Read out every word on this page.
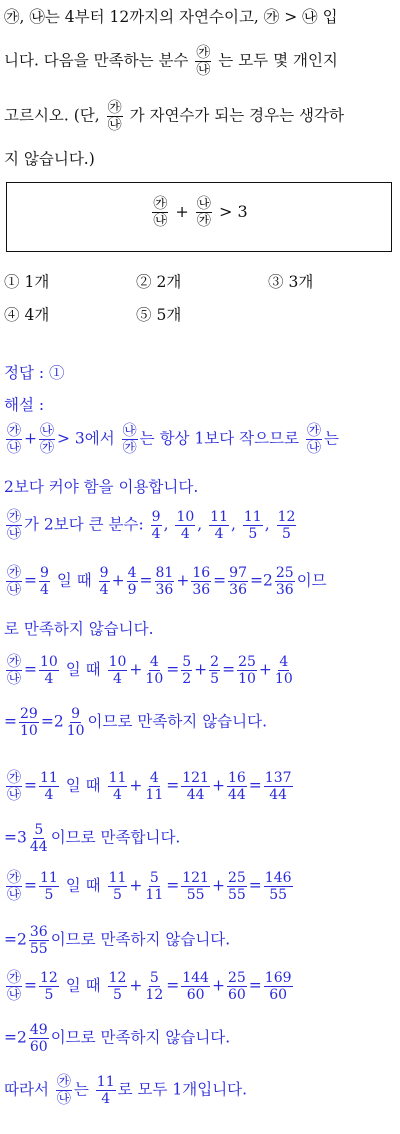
㉮, ㉯는 4부터 12까지의 자연수이고, ㉮ > ㉯ 입
니다. 다음을 만족하는 분수 $\frac{㉮}{㉯}$ 는 모두 몇 개인지
고르시오. (단, $\frac{㉮}{㉯}$ 가 자연수가 되는 경우는 생각하
지 않습니다.)
$\frac{㉮}{㉯} + \frac{㉯}{㉮} > 3$
① 1개	② 2개	③ 3개
④ 4개	⑤ 5개
정답 : ①
해설 :
$\frac{㉮}{㉯} + \frac{㉯}{㉮} > 3$에서 $\frac{㉯}{㉮}$ 는 항상 1보다 작으므로 $\frac{㉮}{㉯}$ 는
2보다 커야 함을 이용합니다.
$\frac{㉮}{㉯}$ 가 2보다 큰 분수: $\frac{9}{4}$ , $\frac{10}{4}$ , $\frac{11}{4}$ , $\frac{11}{5}$ , $\frac{12}{5}$
$\frac{㉮}{㉯} = \frac{9}{4}$ 일 때 $\frac{9}{4} + \frac{4}{9} = \frac{81}{36} + \frac{16}{36} = \frac{97}{36} =2 \frac{25}{36}$ 이므
로 만족하지 않습니다.
$\frac{㉮}{㉯} = \frac{10}{4}$ 일 때 $\frac{10}{4} + \frac{4}{10} = \frac{5}{2} + \frac{2}{5} = \frac{25}{10} + \frac{4}{10}$
= $\frac{29}{10} =2 \frac{9}{10}$ 이므로 만족하지 않습니다.
$\frac{㉮}{㉯} = \frac{11}{4}$ 일 때 $\frac{11}{4} + \frac{4}{11} = \frac{121}{44} + \frac{16}{44} = \frac{137}{44}$
$=3 \frac{5}{44}$ 이므로 만족합니다.
$\frac{㉮}{㉯} = \frac{11}{5}$ 일 때 $\frac{11}{5} + \frac{5}{11} = \frac{121}{55} + \frac{25}{55} = \frac{146}{55}$
$=2 \frac{36}{55}$ 이므로 만족하지 않습니다.
$\frac{㉮}{㉯} = \frac{12}{5}$ 일 때 $\frac{12}{5} + \frac{5}{12} = \frac{144}{60} + \frac{25}{60} = \frac{169}{60}$
$=2 \frac{49}{60}$ 이므로 만족하지 않습니다.
따라서 $\frac{㉮}{㉯}$ 는 $\frac{11}{4}$ 로 모두 1개입니다.
